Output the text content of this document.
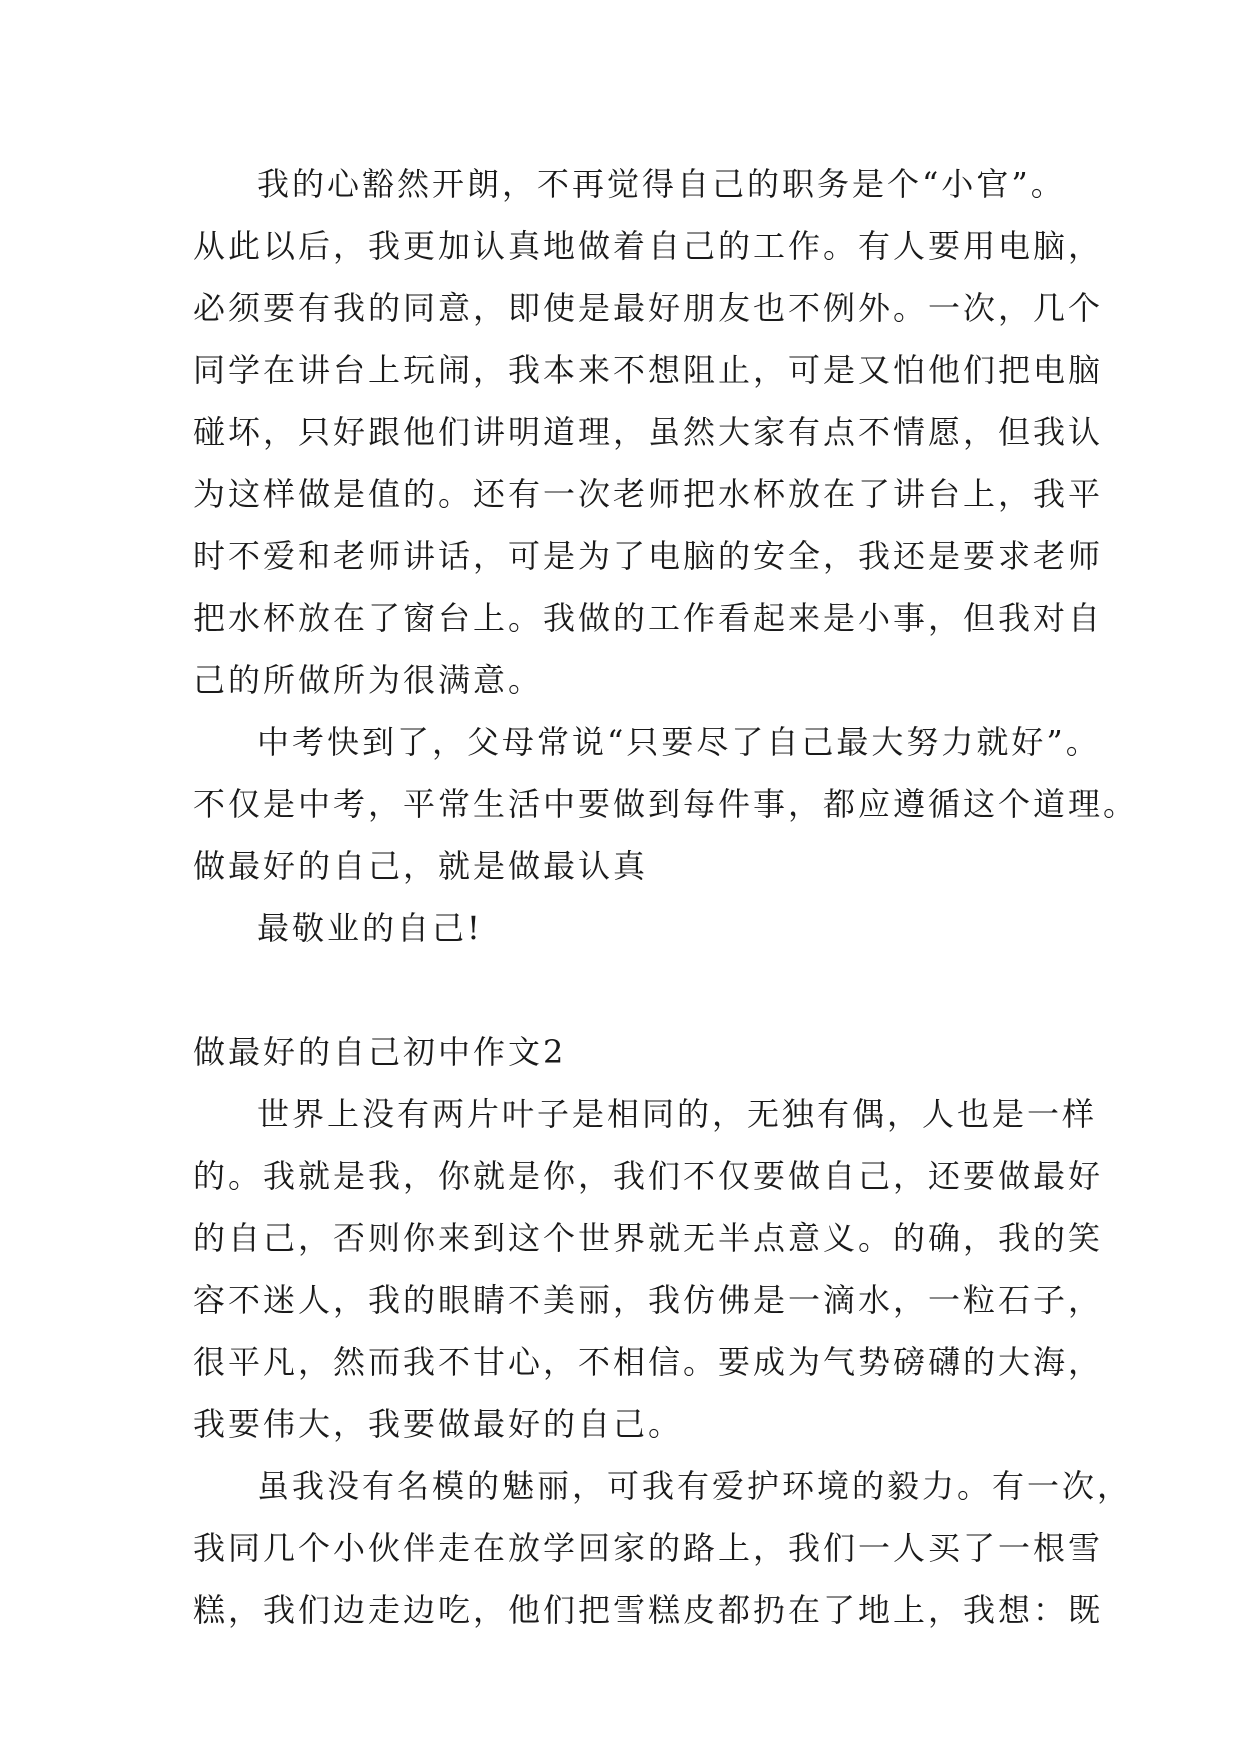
我的心豁然开朗，不再觉得自己的职务是个“小官”。
从此以后，我更加认真地做着自己的工作。有人要用电脑，
必须要有我的同意，即使是最好朋友也不例外。一次，几个
同学在讲台上玩闹，我本来不想阻止，可是又怕他们把电脑
碰坏，只好跟他们讲明道理，虽然大家有点不情愿，但我认
为这样做是值的。还有一次老师把水杯放在了讲台上，我平
时不爱和老师讲话，可是为了电脑的安全，我还是要求老师
把水杯放在了窗台上。我做的工作看起来是小事，但我对自
己的所做所为很满意。
中考快到了，父母常说“只要尽了自己最大努力就好”。
不仅是中考，平常生活中要做到每件事，都应遵循这个道理。
做最好的自己，就是做最认真
最敬业的自己!
做最好的自己初中作文2
世界上没有两片叶子是相同的，无独有偶，人也是一样
的。我就是我，你就是你，我们不仅要做自己，还要做最好
的自己，否则你来到这个世界就无半点意义。的确，我的笑
容不迷人，我的眼睛不美丽，我仿佛是一滴水，一粒石子，
很平凡，然而我不甘心，不相信。要成为气势磅礴的大海，
我要伟大，我要做最好的自己。
虽我没有名模的魅丽，可我有爱护环境的毅力。有一次，
我同几个小伙伴走在放学回家的路上，我们一人买了一根雪
糕，我们边走边吃，他们把雪糕皮都扔在了地上，我想：既
